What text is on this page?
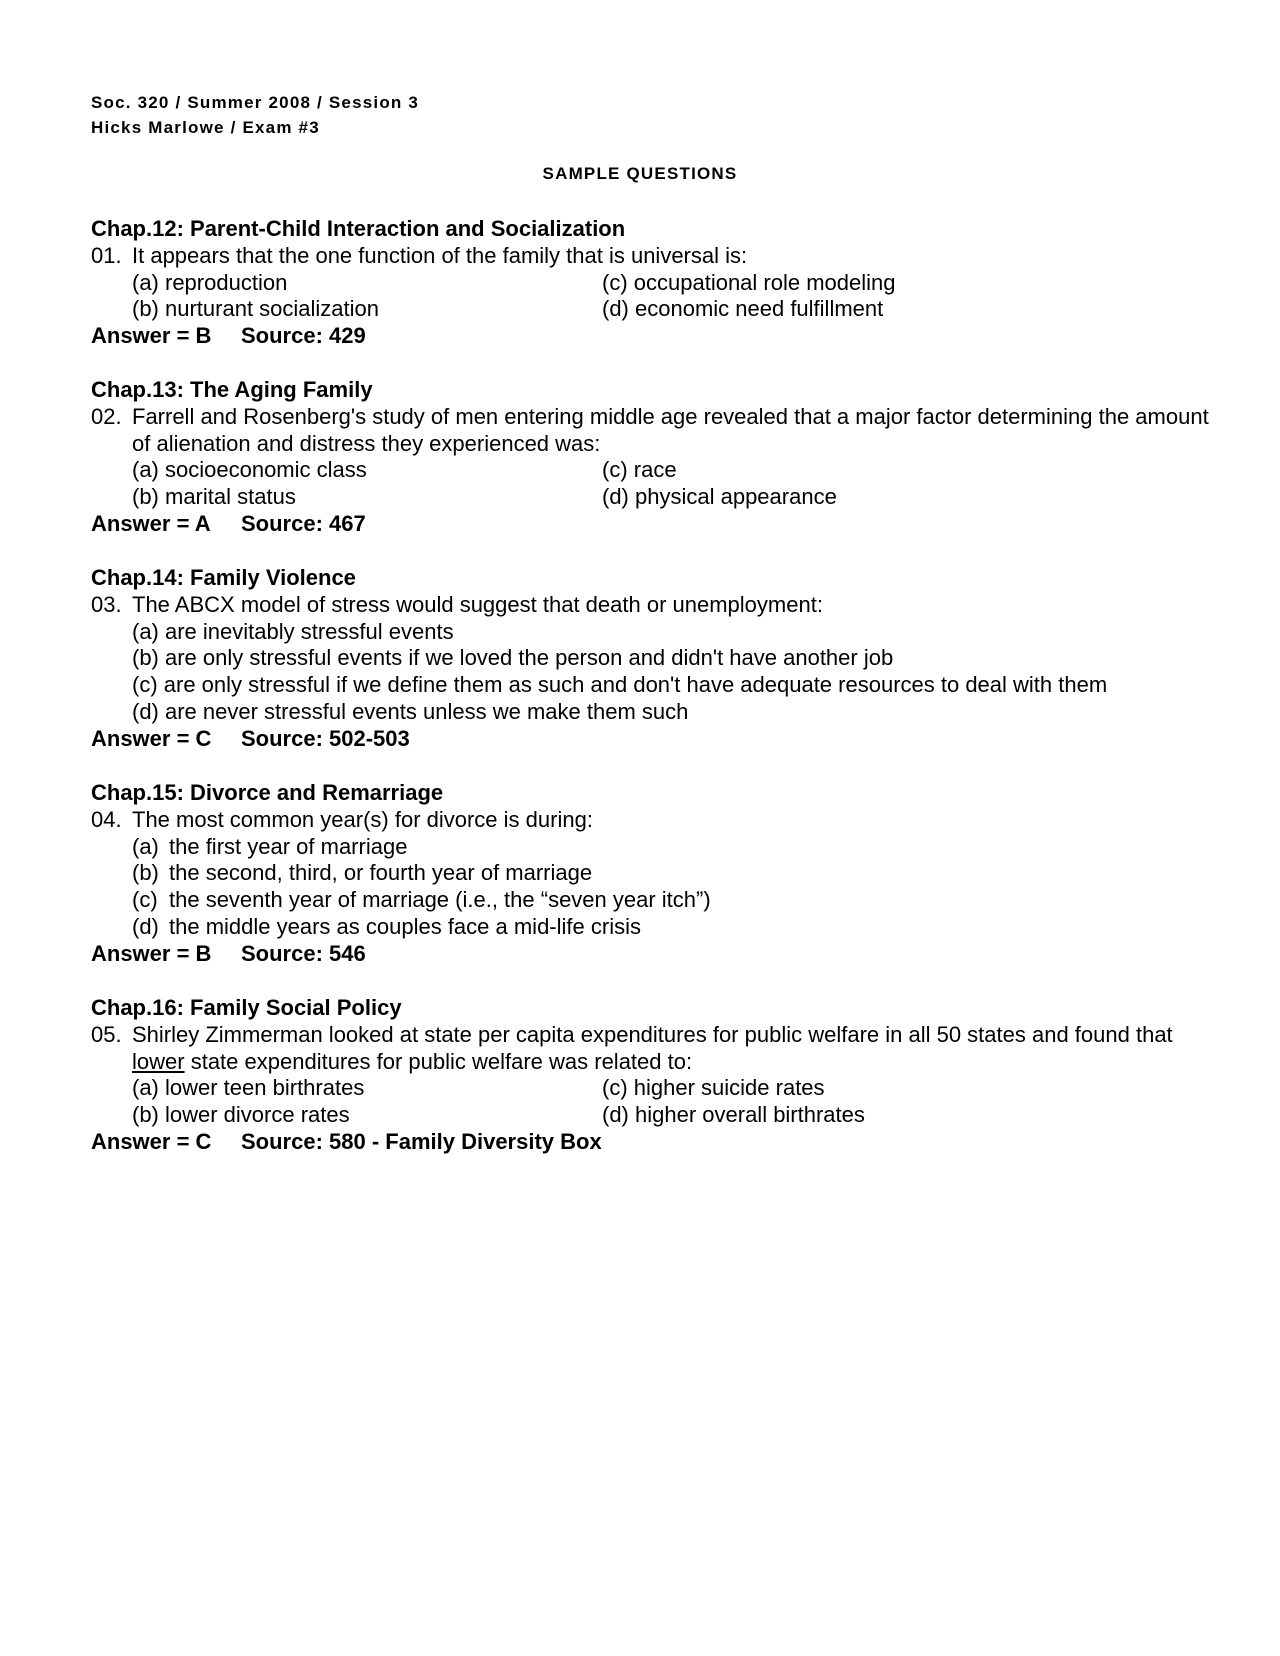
Soc. 320 / Summer 2008 / Session 3
Hicks Marlowe / Exam #3
SAMPLE QUESTIONS
Chap.12: Parent-Child Interaction and Socialization
01. It appears that the one function of the family that is universal is:
(a) reproduction	(c) occupational role modeling
(b) nurturant socialization	(d) economic need fulfillment
Answer = B Source: 429
Chap.13: The Aging Family
02. Farrell and Rosenberg's study of men entering middle age revealed that a major factor determining the amount of alienation and distress they experienced was:
(a) socioeconomic class	(c) race
(b) marital status	(d) physical appearance
Answer = A Source: 467
Chap.14: Family Violence
03. The ABCX model of stress would suggest that death or unemployment:
(a) are inevitably stressful events
(b) are only stressful events if we loved the person and didn't have another job
(c) are only stressful if we define them as such and don't have adequate resources to deal with them
(d) are never stressful events unless we make them such
Answer = C Source: 502-503
Chap.15: Divorce and Remarriage
04. The most common year(s) for divorce is during:
(a) the first year of marriage
(b) the second, third, or fourth year of marriage
(c) the seventh year of marriage (i.e., the “seven year itch”)
(d) the middle years as couples face a mid-life crisis
Answer = B Source: 546
Chap.16: Family Social Policy
05. Shirley Zimmerman looked at state per capita expenditures for public welfare in all 50 states and found that lower state expenditures for public welfare was related to:
(a) lower teen birthrates	(c) higher suicide rates
(b) lower divorce rates	(d) higher overall birthrates
Answer = C Source: 580 - Family Diversity Box
